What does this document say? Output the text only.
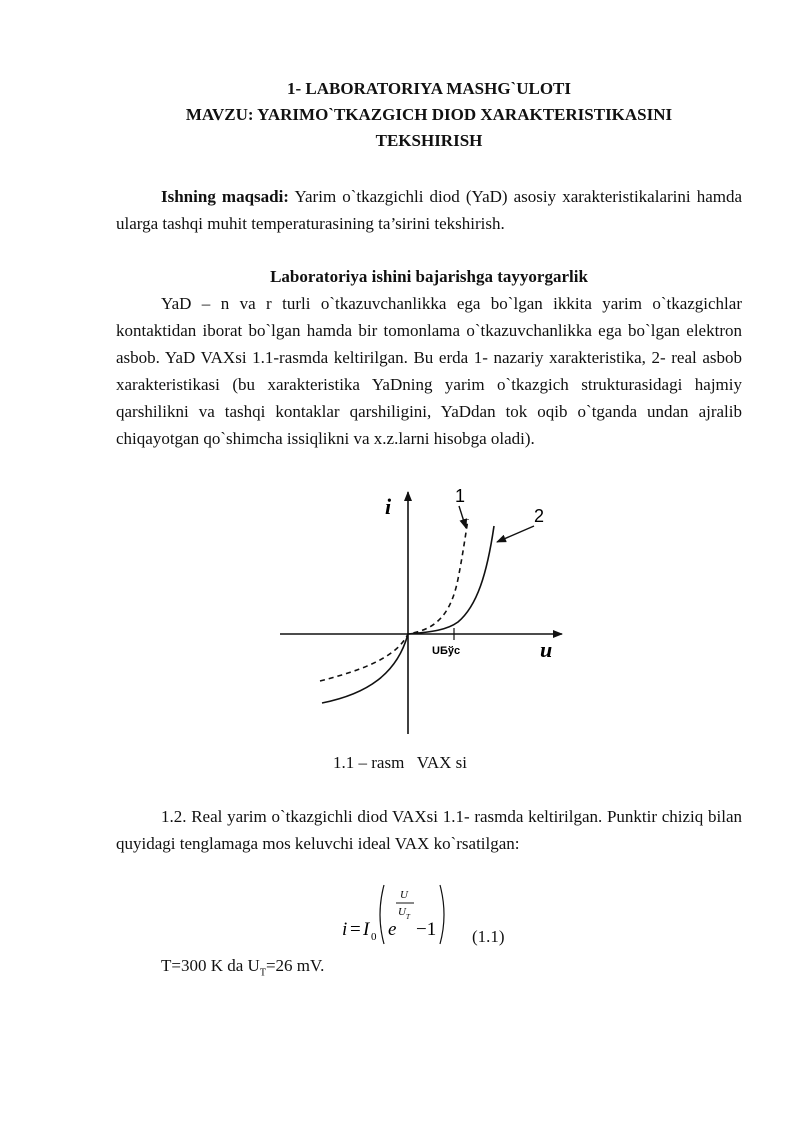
1- LABORATORIYA MASHG`ULOTI
MAVZU: YARIMO`TKAZGICH DIOD XARAKTERISTIKASINI
TEKSHIRISH

Ishning maqsadi: Yarim o`tkazgichli diod (YaD) asosiy xarakteristikalarini hamda ularga tashqi muhit temperaturasining ta’sirini tekshirish.

Laboratoriya ishini bajarishga tayyorgarlik

YaD – n va r turli o`tkazuvchanlikka ega bo`lgan ikkita yarim o`tkazgichlar kontaktidan iborat bo`lgan hamda bir tomonlama o`tkazuvchanlikka ega bo`lgan elektron asbob. YaD VAXsi 1.1-rasmda keltirilgan. Bu erda 1- nazariy xarakteristika, 2- real asbob xarakteristikasi (bu xarakteristika YaDning yarim o`tkazgich strukturasidagi hajmiy qarshilikni va tashqi kontaklar qarshiligini, YaDdan tok oqib o`tganda undan ajralib chiqayotgan qo`shimcha issiqlikni va x.z.larni hisobga oladi).

i
u
1
2
UБўс
1.1 – rasm   VAX si

1.2. Real yarim o`tkazgichli diod VAXsi 1.1- rasmda keltirilgan. Punktir chiziq bilan quyidagi tenglamaga mos keluvchi ideal VAX ko`rsatilgan:

i = I 0 e
U
U T
−1 (1.1)
T=300 K da $U_T=26$ mV.
